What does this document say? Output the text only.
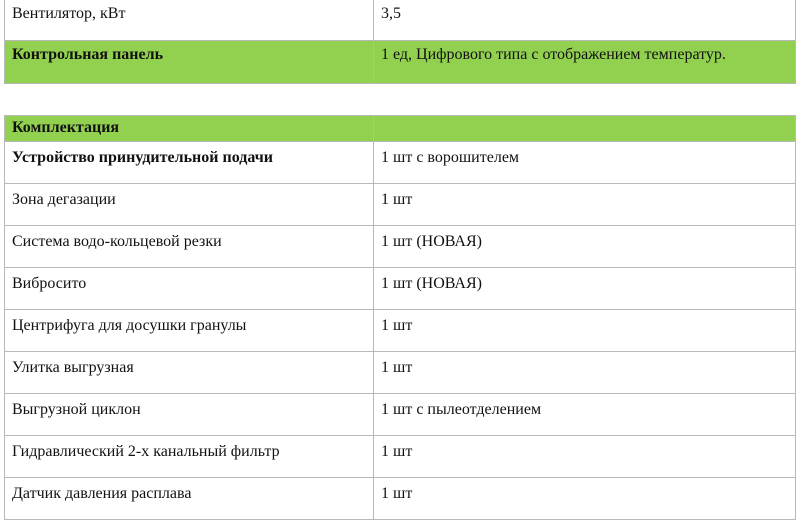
Вентилятор, кВт	3,5
Контрольная панель	1 ед, Цифрового типа с отображением температур.
Комплектация	
Устройство принудительной подачи	1 шт с ворошителем
Зона дегазации	1 шт
Система водо-кольцевой резки	1 шт (НОВАЯ)
Вибросито	1 шт (НОВАЯ)
Центрифуга для досушки гранулы	1 шт
Улитка выгрузная	1 шт
Выгрузной циклон	1 шт с пылеотделением
Гидравлический 2-х канальный фильтр	1 шт
Датчик давления расплава	1 шт
